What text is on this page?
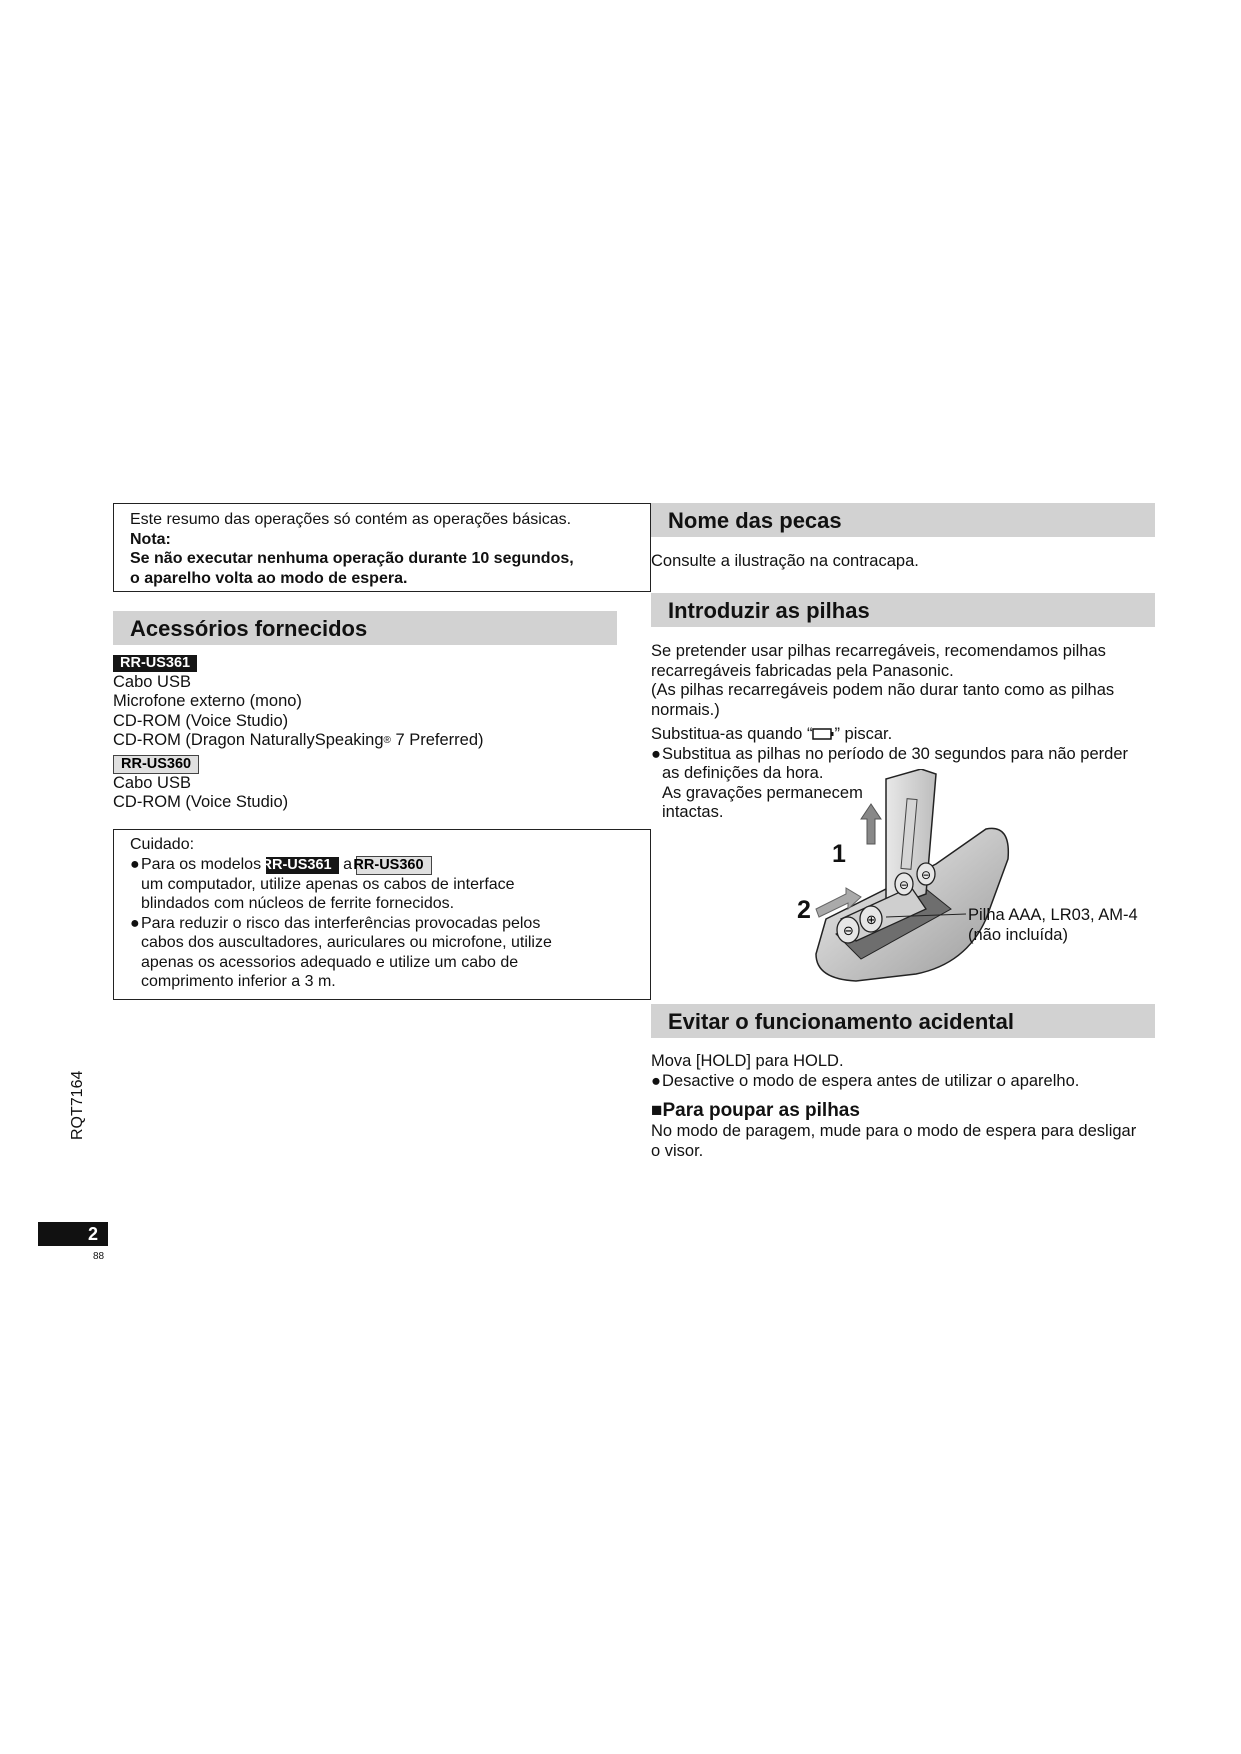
Este resumo das operações só contém as operações básicas.
Nota:
Se não executar nenhuma operação durante 10 segundos,
o aparelho volta ao modo de espera.
Acessórios fornecidos
RR-US361
Cabo USB
Microfone externo (mono)
CD-ROM (Voice Studio)
CD-ROM (Dragon NaturallySpeaking® 7 Preferred)
RR-US360
Cabo USB
CD-ROM (Voice Studio)
Cuidado:
●Para os modelos RR-US361 a RR-US360
um computador, utilize apenas os cabos de interface
blindados com núcleos de ferrite fornecidos.
●Para reduzir o risco das interferências provocadas pelos
cabos dos auscultadores, auriculares ou microfone, utilize
apenas os acessorios adequado e utilize um cabo de
comprimento inferior a 3 m.
Nome das pecas
Consulte a ilustração na contracapa.
Introduzir as pilhas
Se pretender usar pilhas recarregáveis, recomendamos pilhas
recarregáveis fabricadas pela Panasonic.
(As pilhas recarregáveis podem não durar tanto como as pilhas
normais.)
Substitua-as quando “ ” piscar.
●Substitua as pilhas no período de 30 segundos para não perder
as definições da hora.
As gravações permanecem
intactas.
⊖
⊕
⊖
⊖
1
2	Pilha AAA, LR03, AM-4
(não incluída)
Evitar o funcionamento acidental
Mova [HOLD] para HOLD.
●Desactive o modo de espera antes de utilizar o aparelho.
■Para poupar as pilhas
No modo de paragem, mude para o modo de espera para desligar
o visor.
RQT7164
2
88
